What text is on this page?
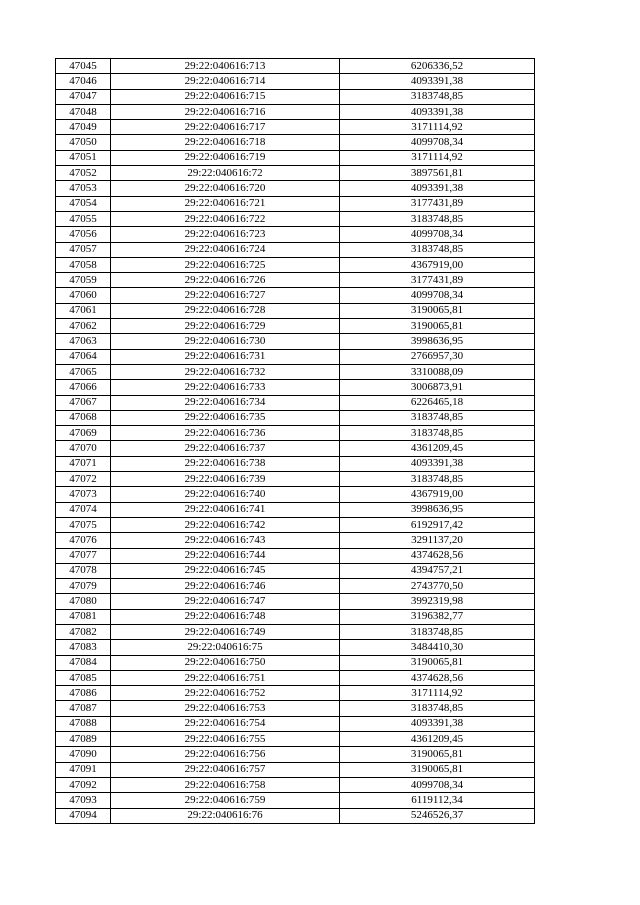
47045	29:22:040616:713	6206336,52
47046	29:22:040616:714	4093391,38
47047	29:22:040616:715	3183748,85
47048	29:22:040616:716	4093391,38
47049	29:22:040616:717	3171114,92
47050	29:22:040616:718	4099708,34
47051	29:22:040616:719	3171114,92
47052	29:22:040616:72	3897561,81
47053	29:22:040616:720	4093391,38
47054	29:22:040616:721	3177431,89
47055	29:22:040616:722	3183748,85
47056	29:22:040616:723	4099708,34
47057	29:22:040616:724	3183748,85
47058	29:22:040616:725	4367919,00
47059	29:22:040616:726	3177431,89
47060	29:22:040616:727	4099708,34
47061	29:22:040616:728	3190065,81
47062	29:22:040616:729	3190065,81
47063	29:22:040616:730	3998636,95
47064	29:22:040616:731	2766957,30
47065	29:22:040616:732	3310088,09
47066	29:22:040616:733	3006873,91
47067	29:22:040616:734	6226465,18
47068	29:22:040616:735	3183748,85
47069	29:22:040616:736	3183748,85
47070	29:22:040616:737	4361209,45
47071	29:22:040616:738	4093391,38
47072	29:22:040616:739	3183748,85
47073	29:22:040616:740	4367919,00
47074	29:22:040616:741	3998636,95
47075	29:22:040616:742	6192917,42
47076	29:22:040616:743	3291137,20
47077	29:22:040616:744	4374628,56
47078	29:22:040616:745	4394757,21
47079	29:22:040616:746	2743770,50
47080	29:22:040616:747	3992319,98
47081	29:22:040616:748	3196382,77
47082	29:22:040616:749	3183748,85
47083	29:22:040616:75	3484410,30
47084	29:22:040616:750	3190065,81
47085	29:22:040616:751	4374628,56
47086	29:22:040616:752	3171114,92
47087	29:22:040616:753	3183748,85
47088	29:22:040616:754	4093391,38
47089	29:22:040616:755	4361209,45
47090	29:22:040616:756	3190065,81
47091	29:22:040616:757	3190065,81
47092	29:22:040616:758	4099708,34
47093	29:22:040616:759	6119112,34
47094	29:22:040616:76	5246526,37
